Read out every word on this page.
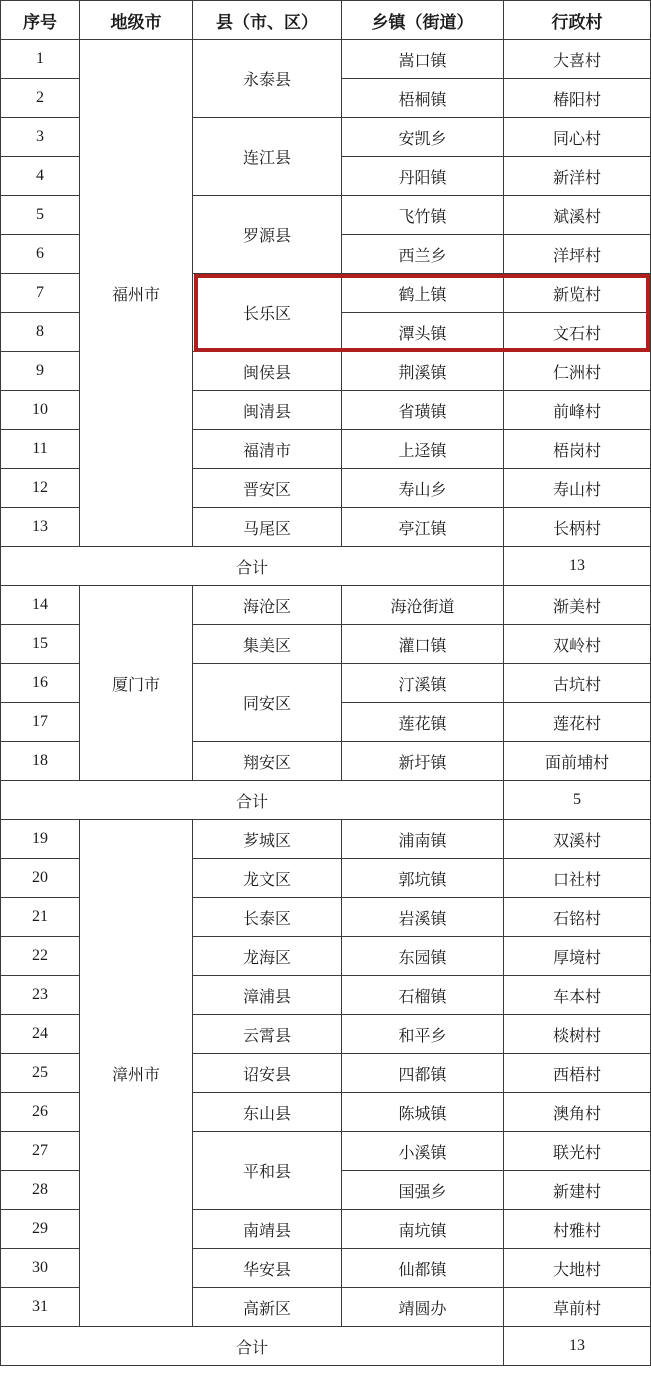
序号	地级市	县（市、区）	乡镇（街道）	行政村
1	福州市	永泰县	嵩口镇	大喜村
2			梧桐镇	椿阳村
3		连江县	安凯乡	同心村
4			丹阳镇	新洋村
5		罗源县	飞竹镇	斌溪村
6			西兰乡	洋坪村
7		长乐区	鹤上镇	新览村
8			潭头镇	文石村
9		闽侯县	荆溪镇	仁洲村
10		闽清县	省璜镇	前峰村
11		福清市	上迳镇	梧岗村
12		晋安区	寿山乡	寿山村
13		马尾区	亭江镇	长柄村
合计				13
14	厦门市	海沧区	海沧街道	渐美村
15		集美区	灌口镇	双岭村
16		同安区	汀溪镇	古坑村
17			莲花镇	莲花村
18		翔安区	新圩镇	面前埔村
合计				5
19	漳州市	芗城区	浦南镇	双溪村
20		龙文区	郭坑镇	口社村
21		长泰区	岩溪镇	石铭村
22		龙海区	东园镇	厚境村
23		漳浦县	石榴镇	车本村
24		云霄县	和平乡	棪树村
25		诏安县	四都镇	西梧村
26		东山县	陈城镇	澳角村
27		平和县	小溪镇	联光村
28			国强乡	新建村
29		南靖县	南坑镇	村雅村
30		华安县	仙都镇	大地村
31		高新区	靖圆办	草前村
合计				13
